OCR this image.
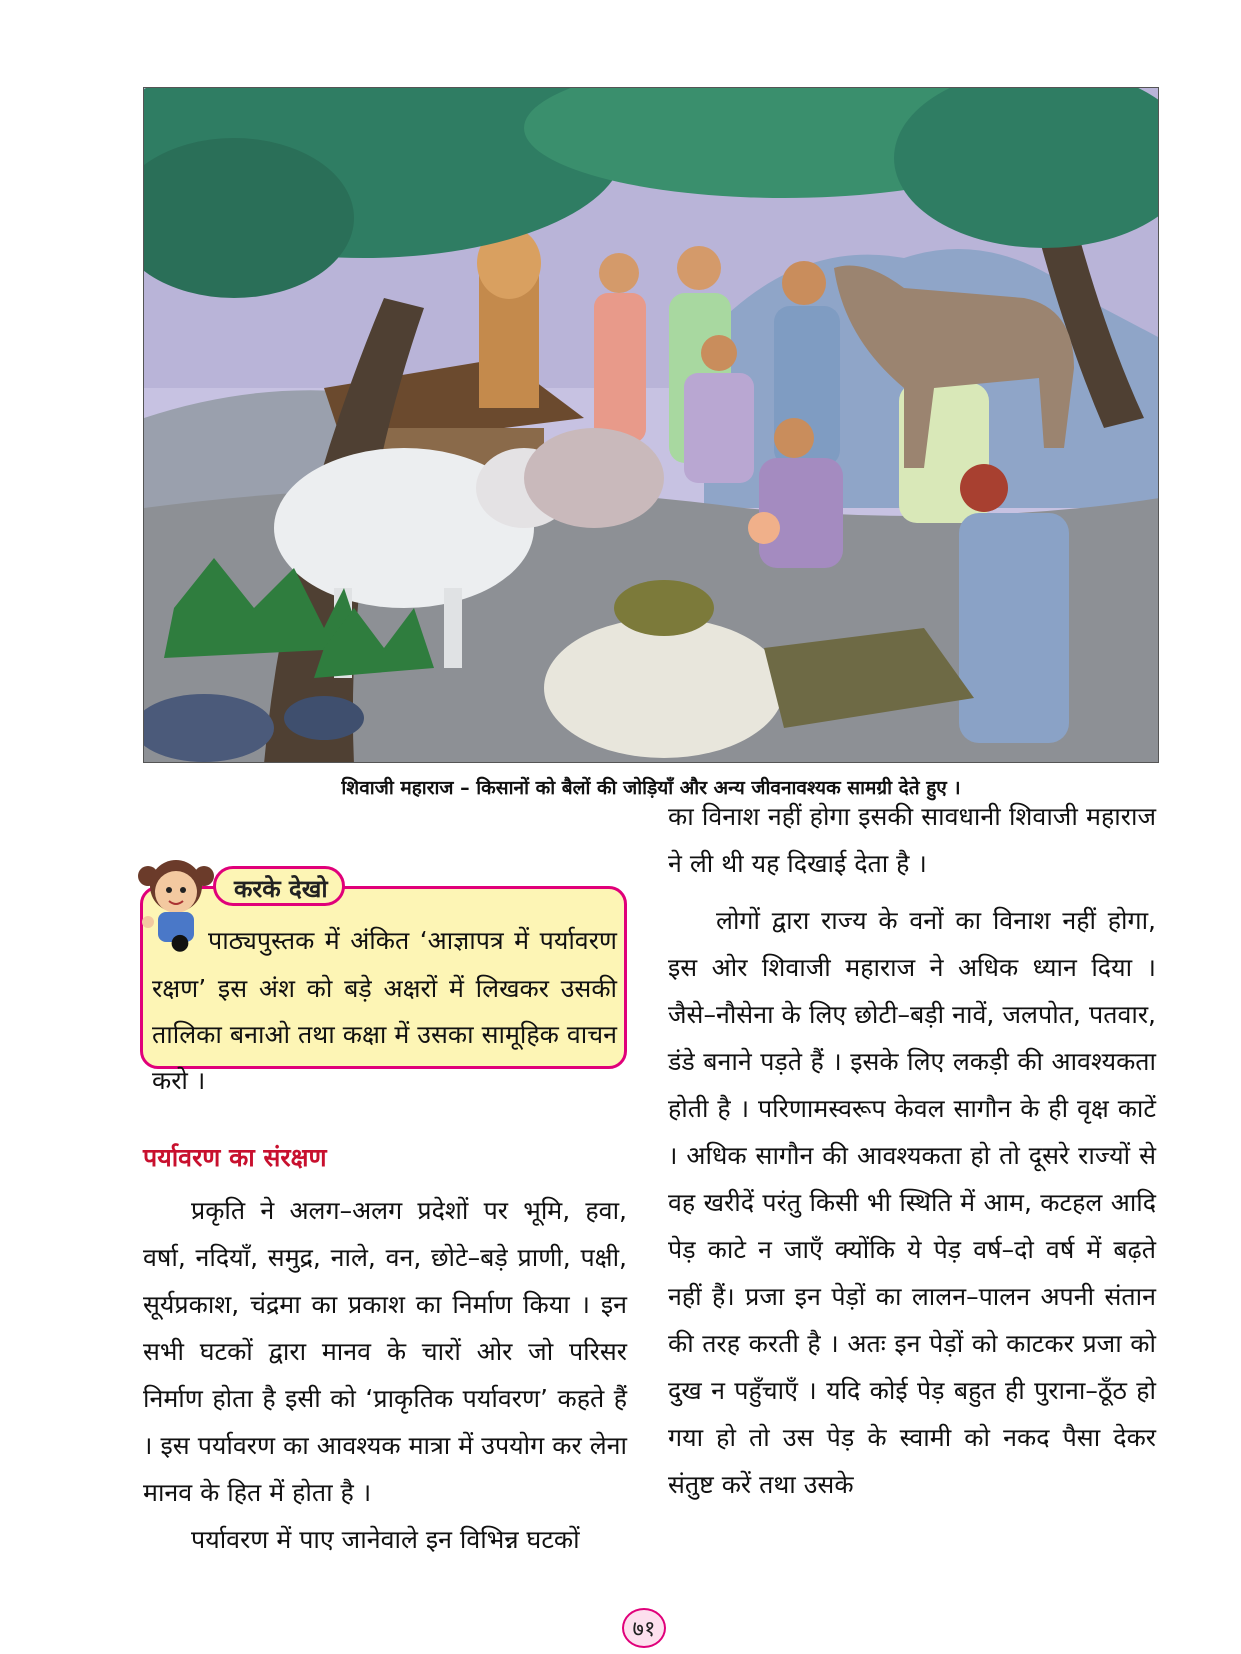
शिवाजी महाराज – किसानों को बैलों की जोड़ियाँ और अन्य जीवनावश्यक सामग्री देते हुए ।
करके देखो
● पाठ्यपुस्तक में अंकित ‘आज्ञापत्र में पर्यावरण रक्षण’ इस अंश को बड़े अक्षरों में लिखकर उसकी तालिका बनाओ तथा कक्षा में उसका सामूहिक वाचन करो ।
पर्यावरण का संरक्षण

प्रकृति ने अलग–अलग प्रदेशों पर भूमि, हवा, वर्षा, नदियाँ, समुद्र, नाले, वन, छोटे–बड़े प्राणी, पक्षी, सूर्यप्रकाश, चंद्रमा का प्रकाश का निर्माण किया । इन सभी घटकों द्वारा मानव के चारों ओर जो परिसर निर्माण होता है इसी को ‘प्राकृतिक पर्यावरण’ कहते हैं । इस पर्यावरण का आवश्यक मात्रा में उपयोग कर लेना मानव के हित में होता है ।

पर्यावरण में पाए जानेवाले इन विभिन्न घटकों

का विनाश नहीं होगा इसकी सावधानी शिवाजी महाराज ने ली थी यह दिखाई देता है ।

लोगों द्वारा राज्य के वनों का विनाश नहीं होगा, इस ओर शिवाजी महाराज ने अधिक ध्यान दिया । जैसे–नौसेना के लिए छोटी–बड़ी नावें, जलपोत, पतवार, डंडे बनाने पड़ते हैं । इसके लिए लकड़ी की आवश्यकता होती है । परिणामस्वरूप केवल सागौन के ही वृक्ष काटें । अधिक सागौन की आवश्यकता हो तो दूसरे राज्यों से वह खरीदें परंतु किसी भी स्थिति में आम, कटहल आदि पेड़ काटे न जाएँ क्योंकि ये पेड़ वर्ष–दो वर्ष में बढ़ते नहीं हैं। प्रजा इन पेड़ों का लालन–पालन अपनी संतान की तरह करती है । अतः इन पेड़ों को काटकर प्रजा को दुख न पहुँचाएँ । यदि कोई पेड़ बहुत ही पुराना–ठूँठ हो गया हो तो उस पेड़ के स्वामी को नकद पैसा देकर संतुष्ट करें तथा उसके

७१
